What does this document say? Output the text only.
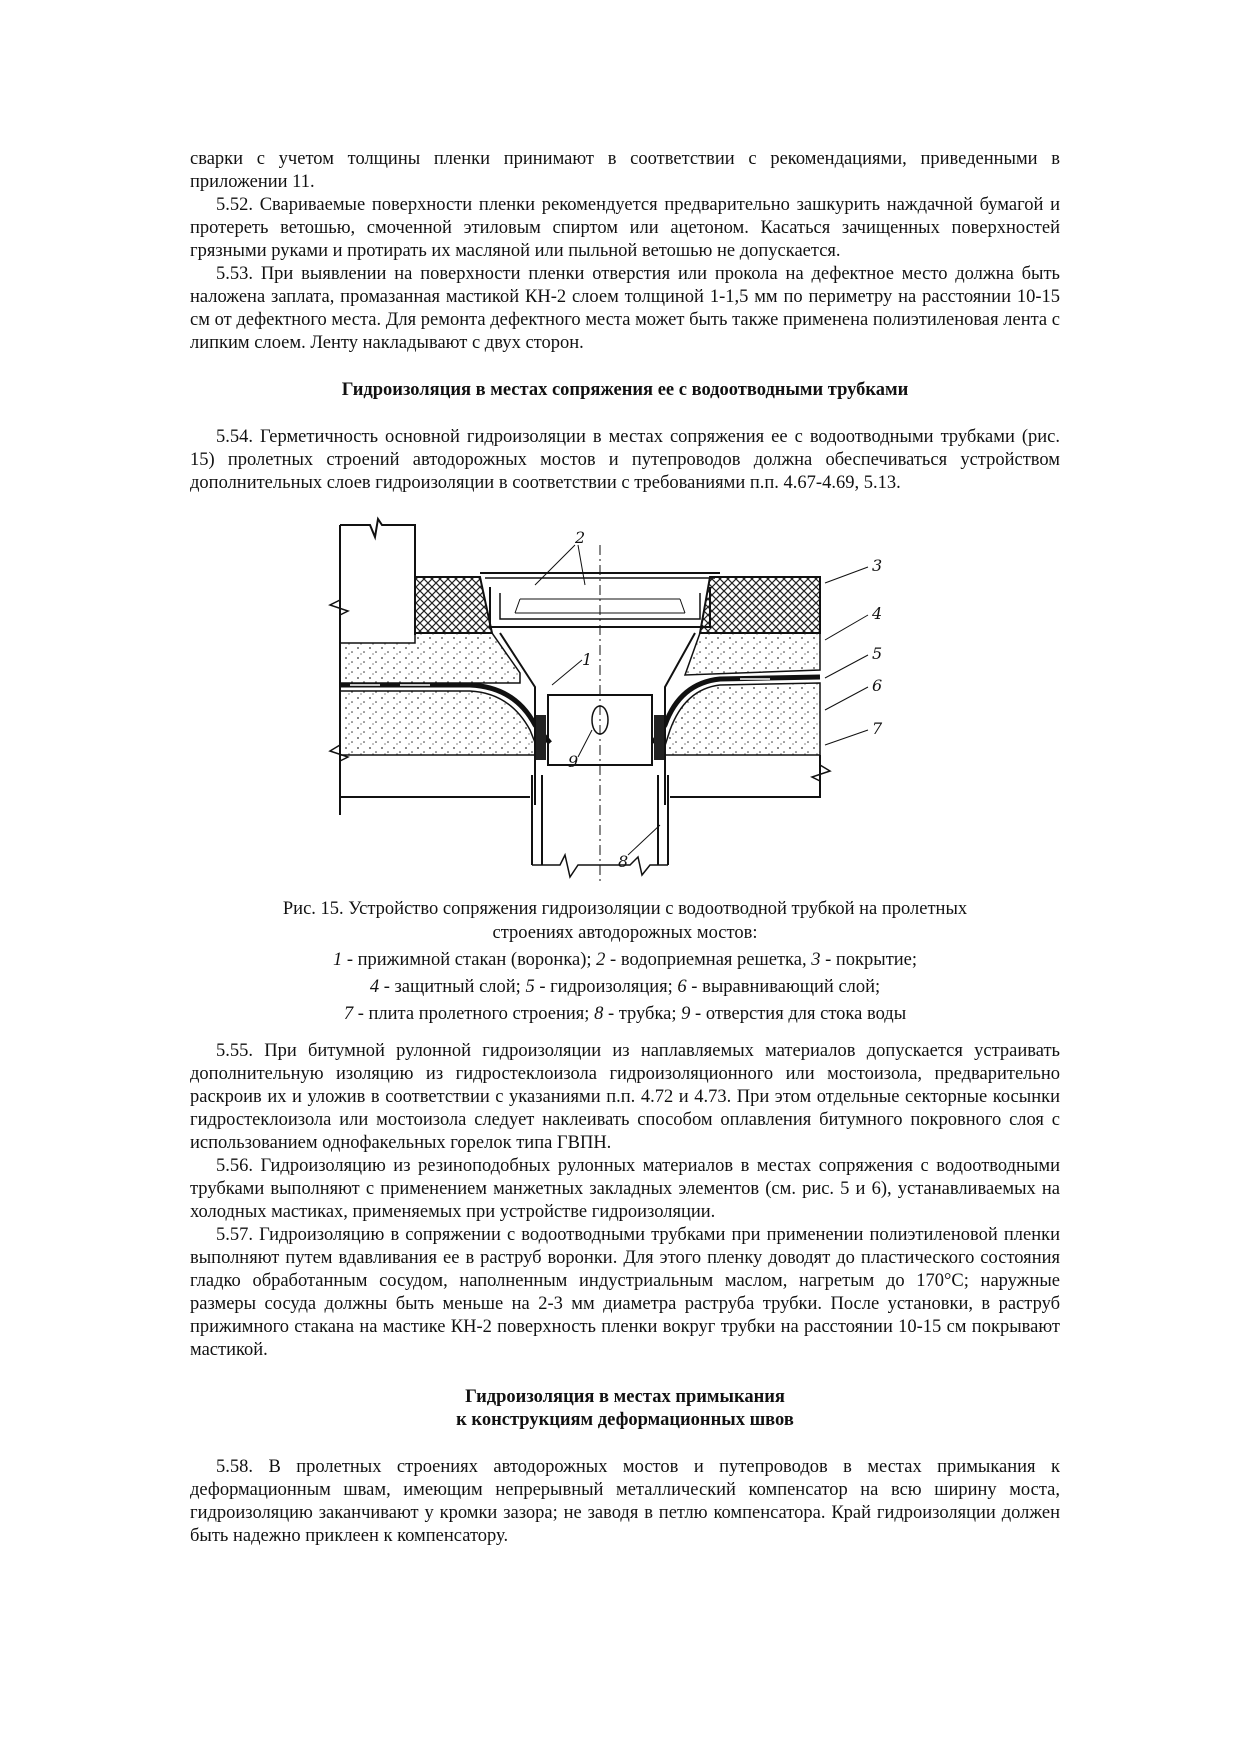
сварки с учетом толщины пленки принимают в соответствии с рекомендациями, приведенными в приложении 11.

5.52. Свариваемые поверхности пленки рекомендуется предварительно зашкурить наждачной бумагой и протереть ветошью, смоченной этиловым спиртом или ацетоном. Касаться зачищенных поверхностей грязными руками и протирать их масляной или пыльной ветошью не допускается.

5.53. При выявлении на поверхности пленки отверстия или прокола на дефектное место должна быть наложена заплата, промазанная мастикой КН-2 слоем толщиной 1-1,5 мм по периметру на расстоянии 10-15 см от дефектного места. Для ремонта дефектного места может быть также применена полиэтиленовая лента с липким слоем. Ленту накладывают с двух сторон.

Гидроизоляция в местах сопряжения ее с водоотводными трубками

5.54. Герметичность основной гидроизоляции в местах сопряжения ее с водоотводными трубками (рис. 15) пролетных строений автодорожных мостов и путепроводов должна обеспечиваться устройством дополнительных слоев гидроизоляции в соответствии с требованиями п.п. 4.67-4.69, 5.13.

1
2
3
4
5
6
7
8
9
Рис. 15. Устройство сопряжения гидроизоляции с водоотводной трубкой на пролетных строениях автодорожных мостов:
1 - прижимной стакан (воронка); 2 - водоприемная решетка, 3 - покрытие;
4 - защитный слой; 5 - гидроизоляция; 6 - выравнивающий слой;
7 - плита пролетного строения; 8 - трубка; 9 - отверстия для стока воды

5.55. При битумной рулонной гидроизоляции из наплавляемых материалов допускается устраивать дополнительную изоляцию из гидростеклоизола гидроизоляционного или мостоизола, предварительно раскроив их и уложив в соответствии с указаниями п.п. 4.72 и 4.73. При этом отдельные секторные косынки гидростеклоизола или мостоизола следует наклеивать способом оплавления битумного покровного слоя с использованием однофакельных горелок типа ГВПН.

5.56. Гидроизоляцию из резиноподобных рулонных материалов в местах сопряжения с водоотводными трубками выполняют с применением манжетных закладных элементов (см. рис. 5 и 6), устанавливаемых на холодных мастиках, применяемых при устройстве гидроизоляции.

5.57. Гидроизоляцию в сопряжении с водоотводными трубками при применении полиэтиленовой пленки выполняют путем вдавливания ее в раструб воронки. Для этого пленку доводят до пластического состояния гладко обработанным сосудом, наполненным индустриальным маслом, нагретым до 170°С; наружные размеры сосуда должны быть меньше на 2-3 мм диаметра раструба трубки. После установки, в раструб прижимного стакана на мастике КН-2 поверхность пленки вокруг трубки на расстоянии 10-15 см покрывают мастикой.

Гидроизоляция в местах примыкания
к конструкциям деформационных швов

5.58. В пролетных строениях автодорожных мостов и путепроводов в местах примыкания к деформационным швам, имеющим непрерывный металлический компенсатор на всю ширину моста, гидроизоляцию заканчивают у кромки зазора; не заводя в петлю компенсатора. Край гидроизоляции должен быть надежно приклеен к компенсатору.
